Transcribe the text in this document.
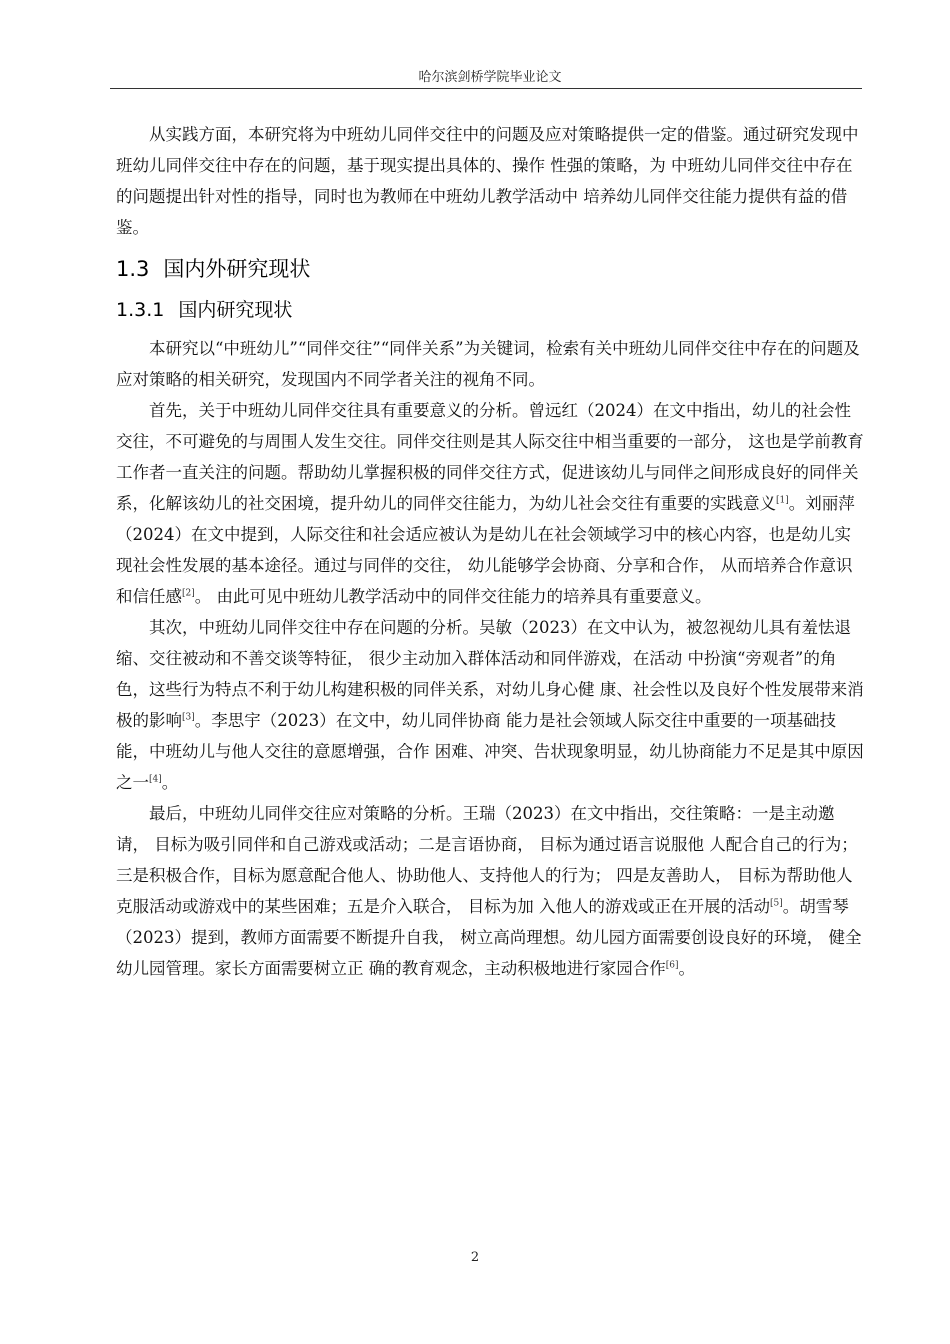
哈尔滨剑桥学院毕业论文

从实践方面，本研究将为中班幼儿同伴交往中的问题及应对策略提供一定的借鉴。通过研究发现中班幼儿同伴交往中存在的问题，基于现实提出具体的、操作 性强的策略，为 中班幼儿同伴交往中存在的问题提出针对性的指导，同时也为教师在中班幼儿教学活动中 培养幼儿同伴交往能力提供有益的借鉴。

1.3 国内外研究现状
1.3.1 国内研究现状

本研究以“中班幼儿”“同伴交往”“同伴关系”为关键词，检索有关中班幼儿同伴交往中存在的问题及应对策略的相关研究，发现国内不同学者关注的视角不同。

首先，关于中班幼儿同伴交往具有重要意义的分析。曾远红（2024）在文中指出，幼儿的社会性交往，不可避免的与周围人发生交往。同伴交往则是其人际交往中相当重要的一部分， 这也是学前教育工作者一直关注的问题。帮助幼儿掌握积极的同伴交往方式，促进该幼儿与同伴之间形成良好的同伴关系，化解该幼儿的社交困境，提升幼儿的同伴交往能力，为幼儿社会交往有重要的实践意义[1]。刘丽萍（2024）在文中提到，人际交往和社会适应被认为是幼儿在社会领域学习中的核心内容，也是幼儿实现社会性发展的基本途径。通过与同伴的交往， 幼儿能够学会协商、分享和合作， 从而培养合作意识和信任感[2]。 由此可见中班幼儿教学活动中的同伴交往能力的培养具有重要意义。

其次，中班幼儿同伴交往中存在问题的分析。吴敏（2023）在文中认为，被忽视幼儿具有羞怯退缩、交往被动和不善交谈等特征， 很少主动加入群体活动和同伴游戏，在活动 中扮演“旁观者”的角色，这些行为特点不利于幼儿构建积极的同伴关系，对幼儿身心健 康、社会性以及良好个性发展带来消极的影响[3]。李思宇（2023）在文中，幼儿同伴协商 能力是社会领域人际交往中重要的一项基础技能，中班幼儿与他人交往的意愿增强，合作 困难、冲突、告状现象明显，幼儿协商能力不足是其中原因之一[4]。

最后，中班幼儿同伴交往应对策略的分析。王瑞（2023）在文中指出，交往策略：一是主动邀请， 目标为吸引同伴和自己游戏或活动；二是言语协商， 目标为通过语言说服他 人配合自己的行为；三是积极合作，目标为愿意配合他人、协助他人、支持他人的行为； 四是友善助人， 目标为帮助他人克服活动或游戏中的某些困难；五是介入联合， 目标为加 入他人的游戏或正在开展的活动[5]。胡雪琴（2023）提到，教师方面需要不断提升自我， 树立高尚理想。幼儿园方面需要创设良好的环境， 健全幼儿园管理。家长方面需要树立正 确的教育观念，主动积极地进行家园合作[6]。

2
